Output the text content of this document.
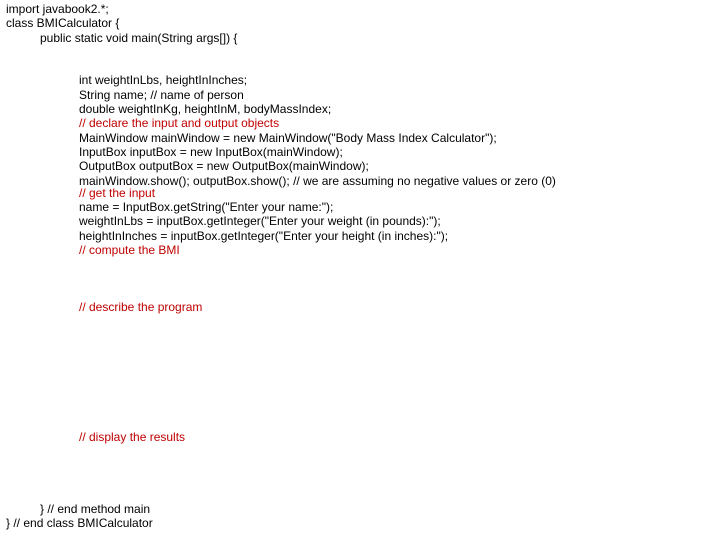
import javabook2.*;
class BMICalculator {
public static void main(String args[]) {
int weightInLbs, heightInInches;
String name; // name of person
double weightInKg, heightInM, bodyMassIndex;
// declare the input and output objects
MainWindow mainWindow = new MainWindow("Body Mass Index Calculator");
InputBox inputBox = new InputBox(mainWindow);
OutputBox outputBox = new OutputBox(mainWindow);
mainWindow.show(); outputBox.show(); // we are assuming no negative values or zero (0)
// get the input
name = InputBox.getString("Enter your name:");
weightInLbs = inputBox.getInteger("Enter your weight (in pounds):");
heightInInches = inputBox.getInteger("Enter your height (in inches):");
// compute the BMI
// describe the program
// display the results
} // end method main
} // end class BMICalculator
